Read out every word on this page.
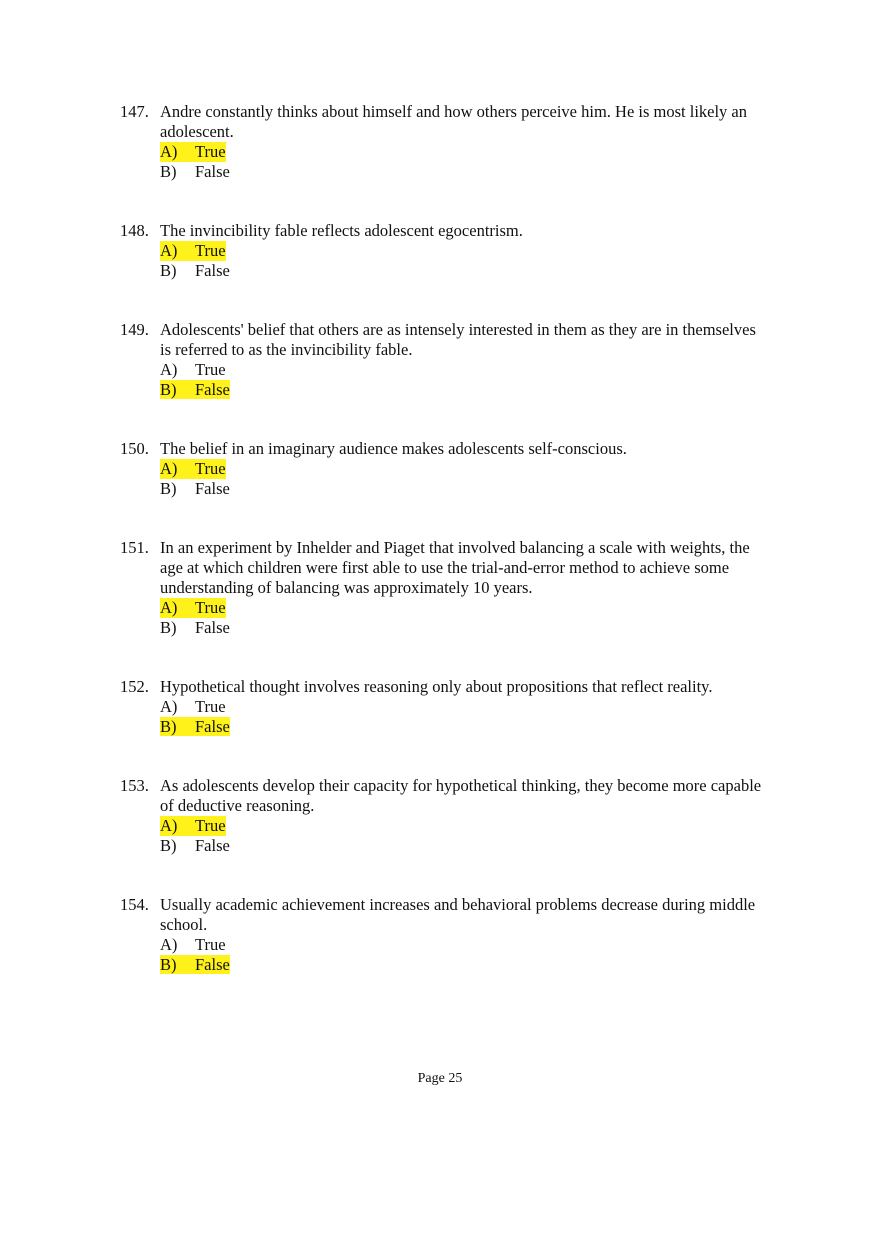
147. Andre constantly thinks about himself and how others perceive him. He is most likely an adolescent.
A) True
B) False
148. The invincibility fable reflects adolescent egocentrism.
A) True
B) False
149. Adolescents' belief that others are as intensely interested in them as they are in themselves is referred to as the invincibility fable.
A) True
B) False
150. The belief in an imaginary audience makes adolescents self-conscious.
A) True
B) False
151. In an experiment by Inhelder and Piaget that involved balancing a scale with weights, the age at which children were first able to use the trial-and-error method to achieve some understanding of balancing was approximately 10 years.
A) True
B) False
152. Hypothetical thought involves reasoning only about propositions that reflect reality.
A) True
B) False
153. As adolescents develop their capacity for hypothetical thinking, they become more capable of deductive reasoning.
A) True
B) False
154. Usually academic achievement increases and behavioral problems decrease during middle school.
A) True
B) False
Page 25
